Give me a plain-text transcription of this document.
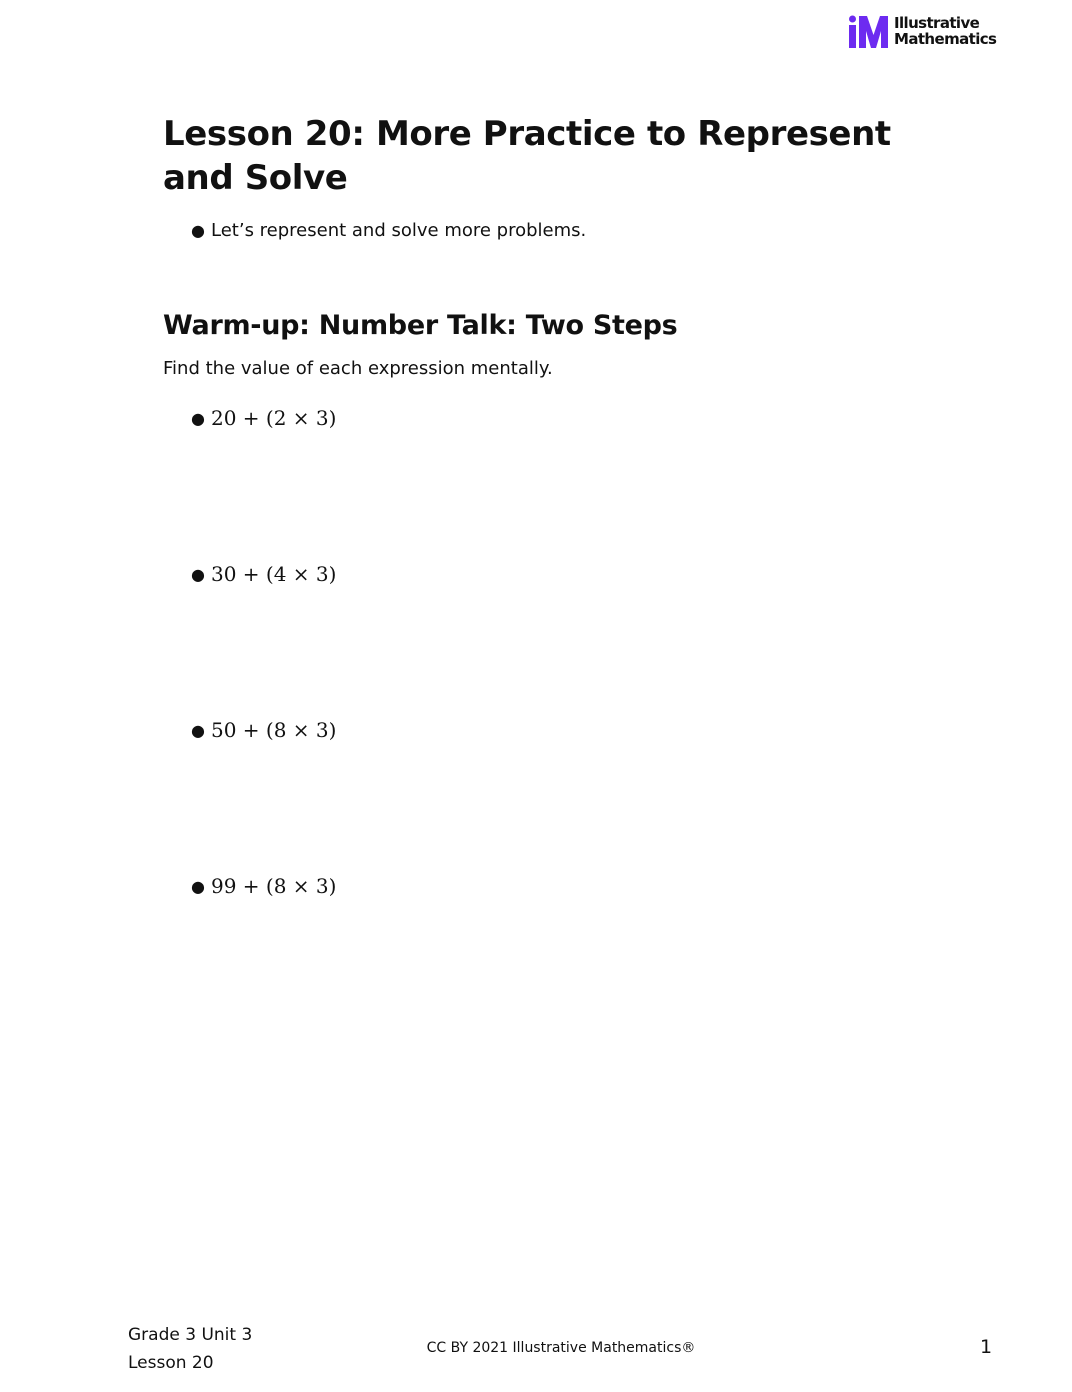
Illustrative
Mathematics
Lesson 20: More Practice to Represent and Solve
● Let’s represent and solve more problems.
Warm-up: Number Talk: Two Steps
Find the value of each expression mentally.
● 20 + (2 × 3)
● 30 + (4 × 3)
● 50 + (8 × 3)
● 99 + (8 × 3)
Grade 3 Unit 3
Lesson 20
CC BY 2021 Illustrative Mathematics®	1
